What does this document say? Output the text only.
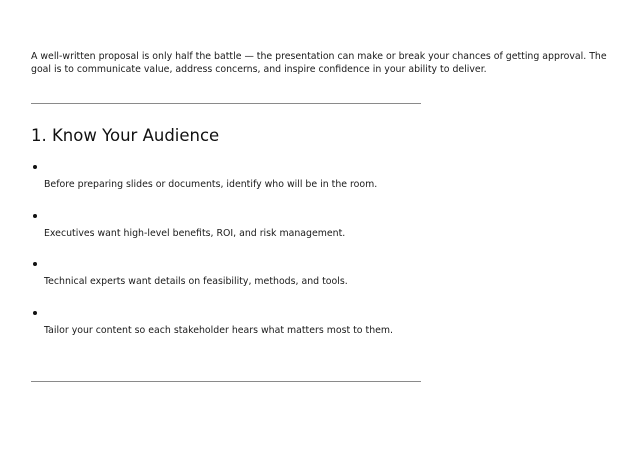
A well-written proposal is only half the battle — the presentation can make or break your chances of getting approval. The goal is to communicate value, address concerns, and inspire confidence in your ability to deliver.

1. Know Your Audience
Before preparing slides or documents, identify who will be in the room.
Executives want high-level benefits, ROI, and risk management.
Technical experts want details on feasibility, methods, and tools.
Tailor your content so each stakeholder hears what matters most to them.
